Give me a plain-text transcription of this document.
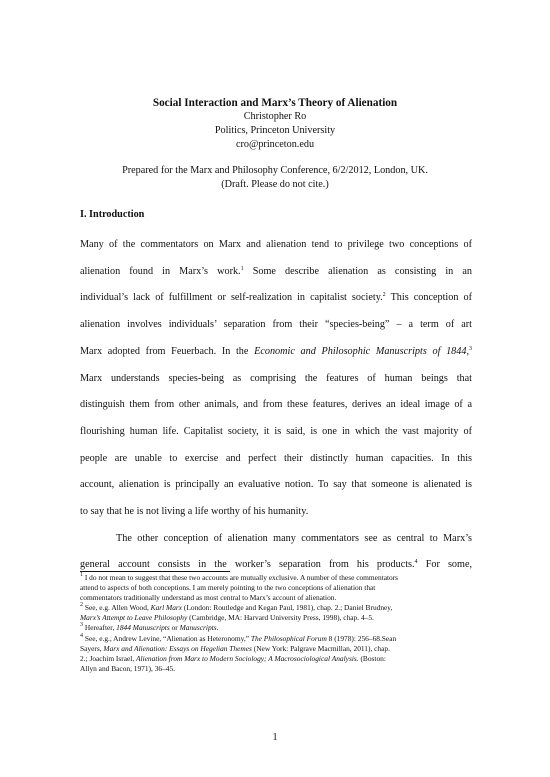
Social Interaction and Marx’s Theory of Alienation
Christopher Ro
Politics, Princeton University
cro@princeton.edu
Prepared for the Marx and Philosophy Conference, 6/2/2012, London, UK.
(Draft. Please do not cite.)
I. Introduction
Many of the commentators on Marx and alienation tend to privilege two conceptions of
alienation found in Marx’s work.$^1$ Some describe alienation as consisting in an
individual’s lack of fulfillment or self-realization in capitalist society.$^2$ This conception of
alienation involves individuals’ separation from their “species-being” – a term of art
Marx adopted from Feuerbach. In the Economic and Philosophic Manuscripts of 1844,$^3$
Marx understands species-being as comprising the features of human beings that
distinguish them from other animals, and from these features, derives an ideal image of a
flourishing human life. Capitalist society, it is said, is one in which the vast majority of
people are unable to exercise and perfect their distinctly human capacities. In this
account, alienation is principally an evaluative notion. To say that someone is alienated is
to say that he is not living a life worthy of his humanity.
The other conception of alienation many commentators see as central to Marx’s
general account consists in the worker’s separation from his products.$^4$ For some,
$^1$ I do not mean to suggest that these two accounts are mutually exclusive. A number of these commentators
attend to aspects of both conceptions. I am merely pointing to the two conceptions of alienation that
commentators traditionally understand as most central to Marx’s account of alienation.
$^2$ See, e.g. Allen Wood, Karl Marx (London: Routledge and Kegan Paul, 1981), chap. 2.; Daniel Brudney,
Marx’s Attempt to Leave Philosophy (Cambridge, MA: Harvard University Press, 1998), chap. 4–5.
$^3$ Hereafter, 1844 Manuscripts or Manuscripts.
$^4$ See, e.g., Andrew Levine, “Alienation as Heteronomy,” The Philosophical Forum 8 (1978): 256–68.Sean
Sayers, Marx and Alienation: Essays on Hegelian Themes (New York: Palgrave Macmillan, 2011), chap.
2.; Joachim Israel, Alienation from Marx to Modern Sociology; A Macrosociological Analysis. (Boston:
Allyn and Bacon, 1971), 36–45.
1
